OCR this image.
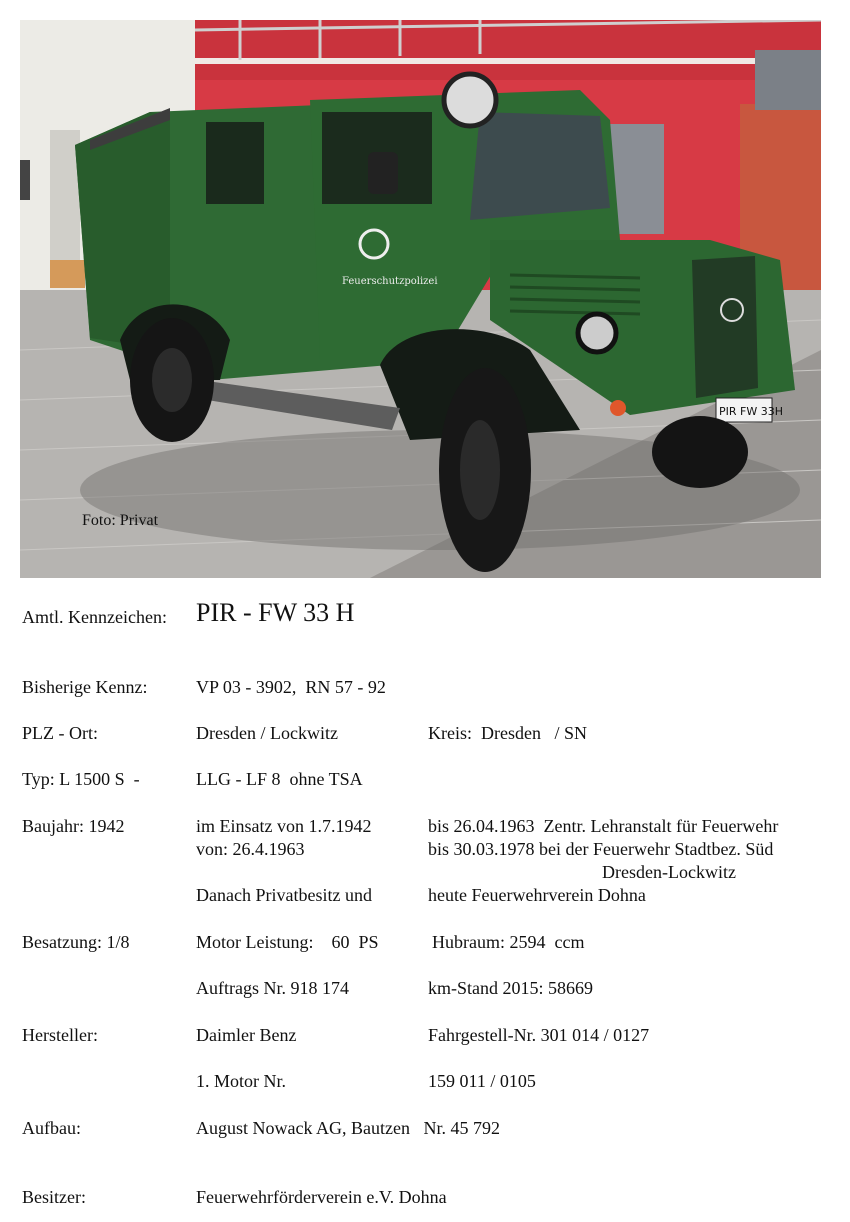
Feuerschutzpolizei
PIR FW 33H
Foto: Privat
Amtl. Kennzeichen: PIR - FW 33 H
Bisherige Kennz:	VP 03 - 3902,  RN 57 - 92
PLZ - Ort:	Dresden / Lockwitz	Kreis:  Dresden   / SN
Typ: L 1500 S  -	LLG - LF 8  ohne TSA
Baujahr: 1942	im Einsatz von 1.7.1942	bis 26.04.1963  Zentr. Lehranstalt für Feuerwehr
von: 26.4.1963	bis 30.03.1978 bei der Feuerwehr Stadtbez. Süd
Dresden-Lockwitz
Danach Privatbesitz und	heute Feuerwehrverein Dohna
Besatzung: 1/8	Motor Leistung:    60  PS	Hubraum: 2594  ccm
Auftrags Nr. 918 174	km-Stand 2015: 58669
Hersteller:	Daimler Benz	Fahrgestell-Nr. 301 014 / 0127
1. Motor Nr.	159 011 / 0105
Aufbau:	August Nowack AG, Bautzen   Nr. 45 792
Besitzer:	Feuerwehrförderverein e.V. Dohna
